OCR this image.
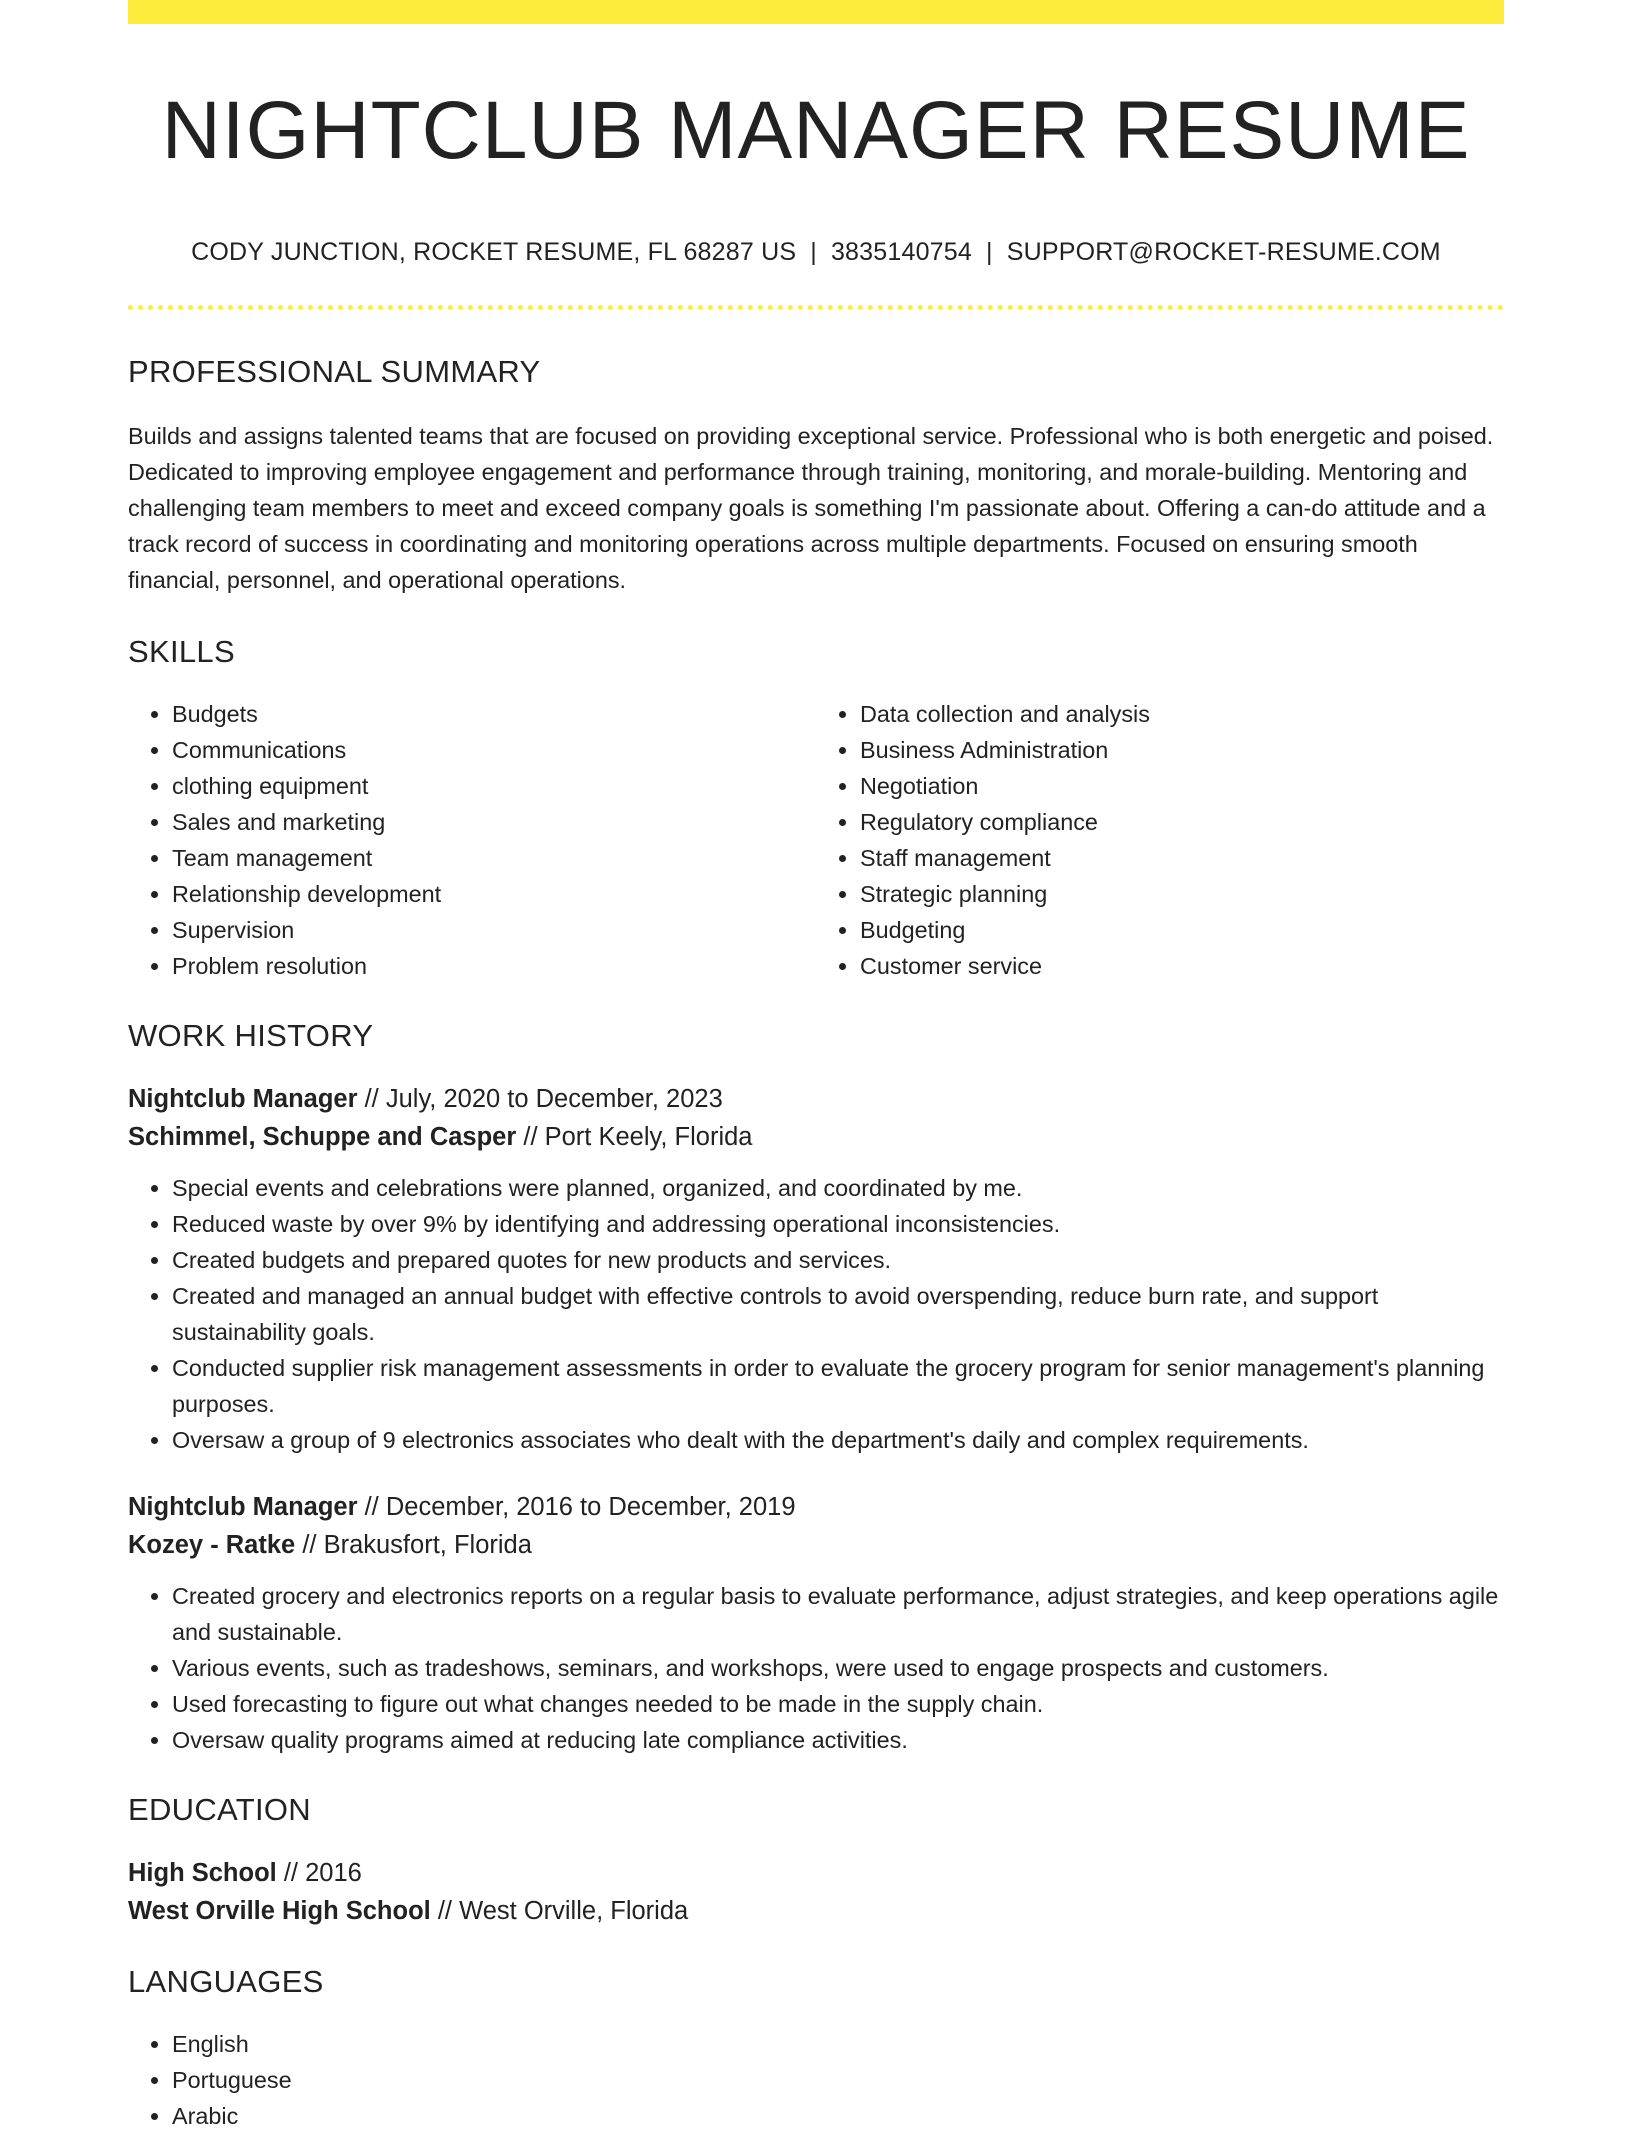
NIGHTCLUB MANAGER RESUME
CODY JUNCTION, ROCKET RESUME, FL 68287 US | 3835140754 | SUPPORT@ROCKET-RESUME.COM
PROFESSIONAL SUMMARY

Builds and assigns talented teams that are focused on providing exceptional service. Professional who is both energetic and poised. Dedicated to improving employee engagement and performance through training, monitoring, and morale-building. Mentoring and challenging team members to meet and exceed company goals is something I'm passionate about. Offering a can-do attitude and a track record of success in coordinating and monitoring operations across multiple departments. Focused on ensuring smooth financial, personnel, and operational operations.

SKILLS
• Budgets
• Communications
• clothing equipment
• Sales and marketing
• Team management
• Relationship development
• Supervision
• Problem resolution
• Data collection and analysis
• Business Administration
• Negotiation
• Regulatory compliance
• Staff management
• Strategic planning
• Budgeting
• Customer service
WORK HISTORY
Nightclub Manager // July, 2020 to December, 2023
Schimmel, Schuppe and Casper // Port Keely, Florida
• Special events and celebrations were planned, organized, and coordinated by me.
• Reduced waste by over 9% by identifying and addressing operational inconsistencies.
• Created budgets and prepared quotes for new products and services.
• Created and managed an annual budget with effective controls to avoid overspending, reduce burn rate, and support sustainability goals.
• Conducted supplier risk management assessments in order to evaluate the grocery program for senior management's planning purposes.
• Oversaw a group of 9 electronics associates who dealt with the department's daily and complex requirements.
Nightclub Manager // December, 2016 to December, 2019
Kozey - Ratke // Brakusfort, Florida
• Created grocery and electronics reports on a regular basis to evaluate performance, adjust strategies, and keep operations agile and sustainable.
• Various events, such as tradeshows, seminars, and workshops, were used to engage prospects and customers.
• Used forecasting to figure out what changes needed to be made in the supply chain.
• Oversaw quality programs aimed at reducing late compliance activities.
EDUCATION
High School // 2016
West Orville High School // West Orville, Florida
LANGUAGES
• English
• Portuguese
• Arabic
